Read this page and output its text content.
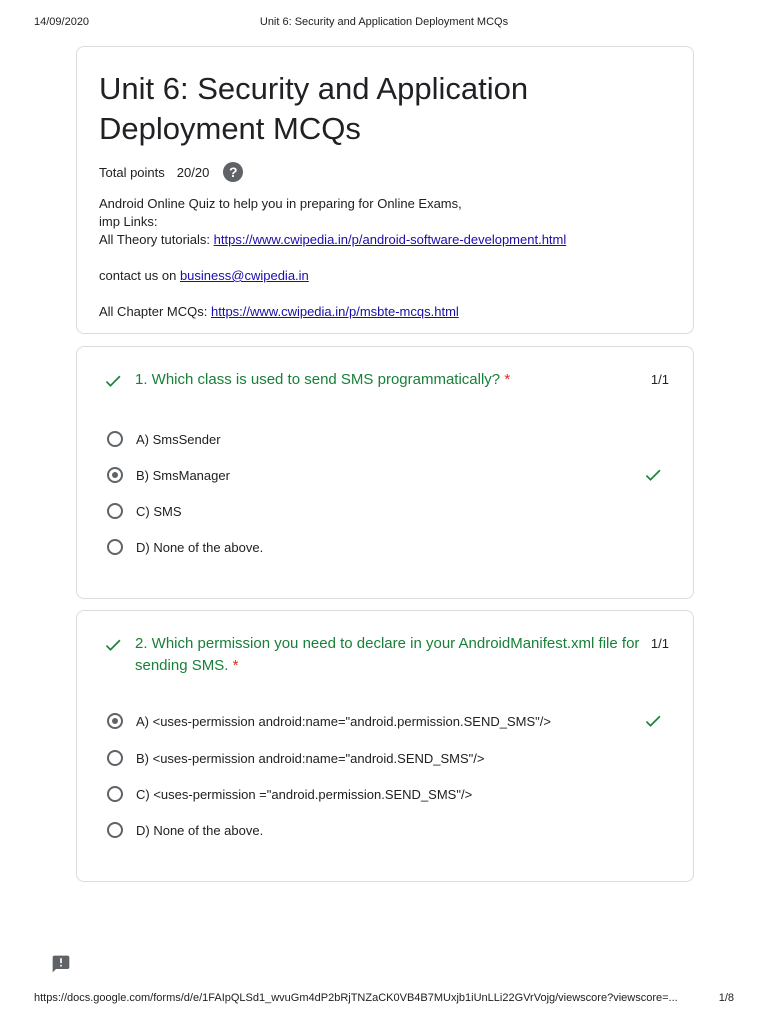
14/09/2020	Unit 6: Security and Application Deployment MCQs
Unit 6: Security and Application Deployment MCQs
Total points 20/20	?

Android Online Quiz to help you in preparing for Online Exams,

imp Links:

All Theory tutorials: https://www.cwipedia.in/p/android-software-development.html

contact us on business@cwipedia.in

All Chapter MCQs: https://www.cwipedia.in/p/msbte-mcqs.html

1. Which class is used to send SMS programmatically? *	1/1
A) SmsSender
B) SmsManager
C) SMS
D) None of the above.
2. Which permission you need to declare in your AndroidManifest.xml file for sending SMS. *
1/1
A) <uses-permission android:name="android.permission.SEND_SMS"/>
B) <uses-permission android:name="android.SEND_SMS"/>
C) <uses-permission ="android.permission.SEND_SMS"/>
D) None of the above.
https://docs.google.com/forms/d/e/1FAIpQLSd1_wvuGm4dP2bRjTNZaCK0VB4B7MUxjb1iUnLLi22GVrVojg/viewscore?viewscore=...	1/8
